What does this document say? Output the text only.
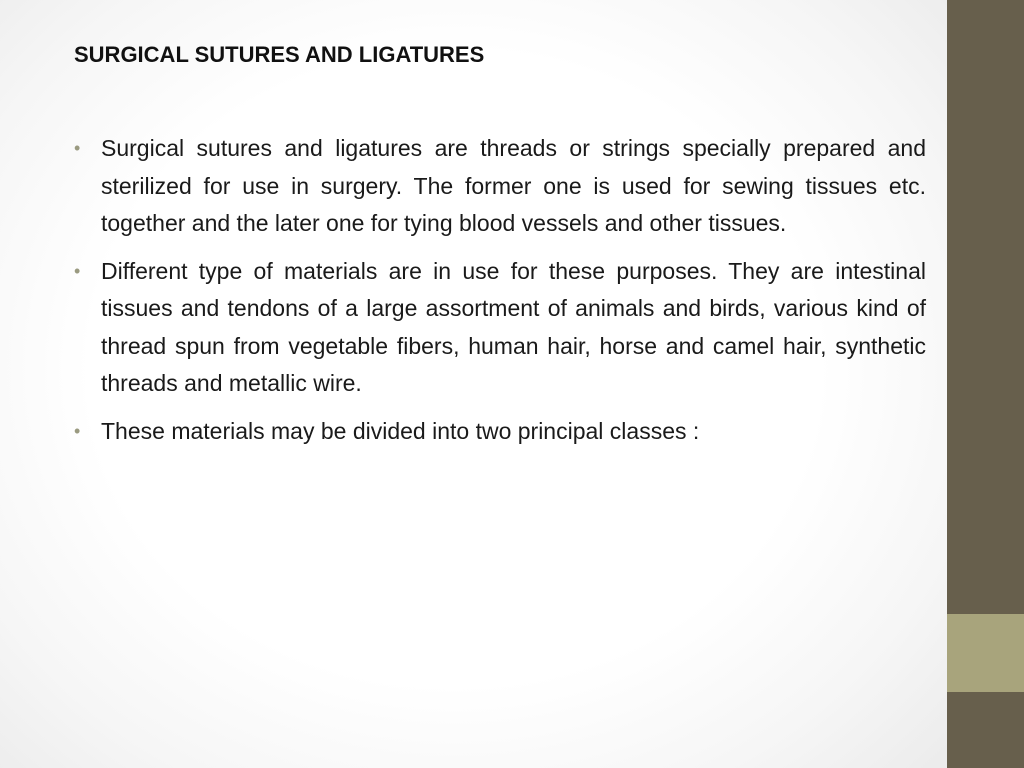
SURGICAL SUTURES AND LIGATURES
• Surgical sutures and ligatures are threads or strings specially prepared and sterilized for use in surgery. The former one is used for sewing tissues etc. together and the later one for tying blood vessels and other tissues.
• Different type of materials are in use for these purposes. They are intestinal tissues and tendons of a large assortment of animals and birds, various kind of thread spun from vegetable fibers, human hair, horse and camel hair, synthetic threads and metallic wire.
• These materials may be divided into two principal classes :
